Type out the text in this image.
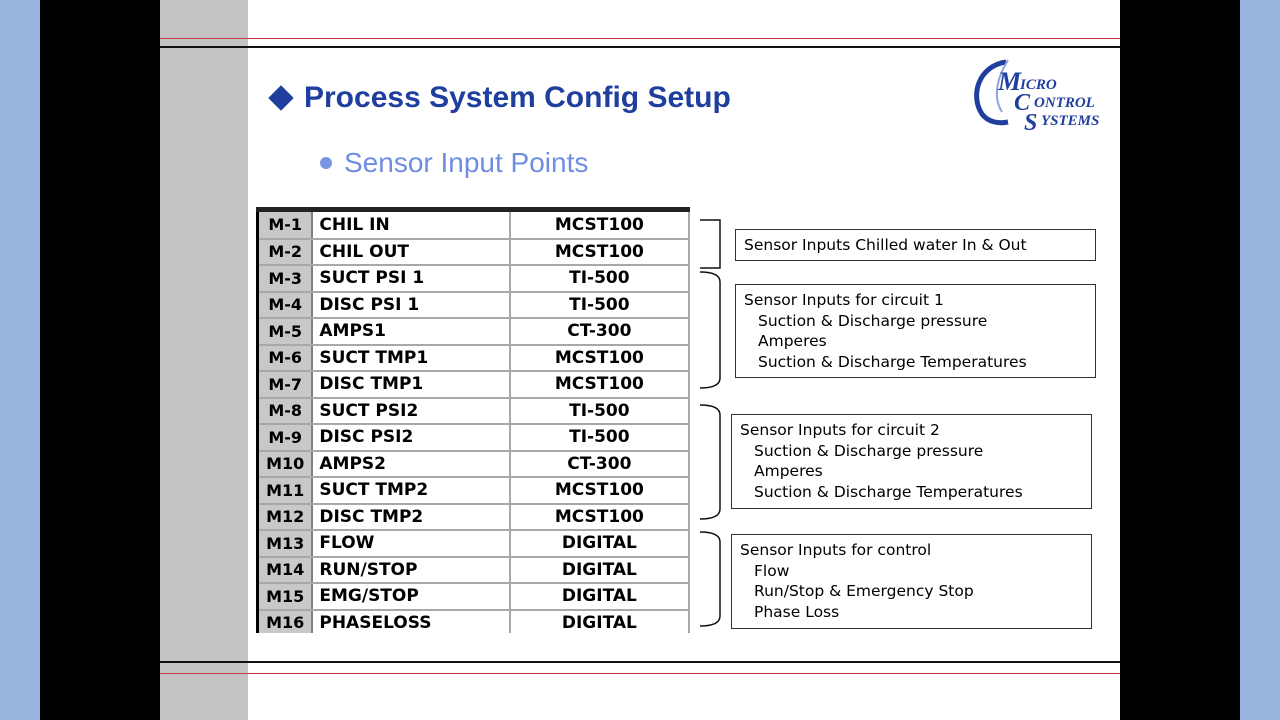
Process System Config Setup
Sensor Input Points
M
ICRO
C ONTROL
S YSTEMS
M-1	CHIL IN	MCST100
M-2	CHIL OUT	MCST100
M-3	SUCT PSI 1	TI-500
M-4	DISC PSI 1	TI-500
M-5	AMPS1	CT-300
M-6	SUCT TMP1	MCST100
M-7	DISC TMP1	MCST100
M-8	SUCT PSI2	TI-500
M-9	DISC PSI2	TI-500
M10	AMPS2	CT-300
M11	SUCT TMP2	MCST100
M12	DISC TMP2	MCST100
M13	FLOW	DIGITAL
M14	RUN/STOP	DIGITAL
M15	EMG/STOP	DIGITAL
M16	PHASELOSS	DIGITAL
Sensor Inputs Chilled water In & Out
Sensor Inputs for circuit 1
Suction & Discharge pressure
Amperes
Suction & Discharge Temperatures
Sensor Inputs for circuit 2
Suction & Discharge pressure
Amperes
Suction & Discharge Temperatures
Sensor Inputs for control
Flow
Run/Stop & Emergency Stop
Phase Loss
